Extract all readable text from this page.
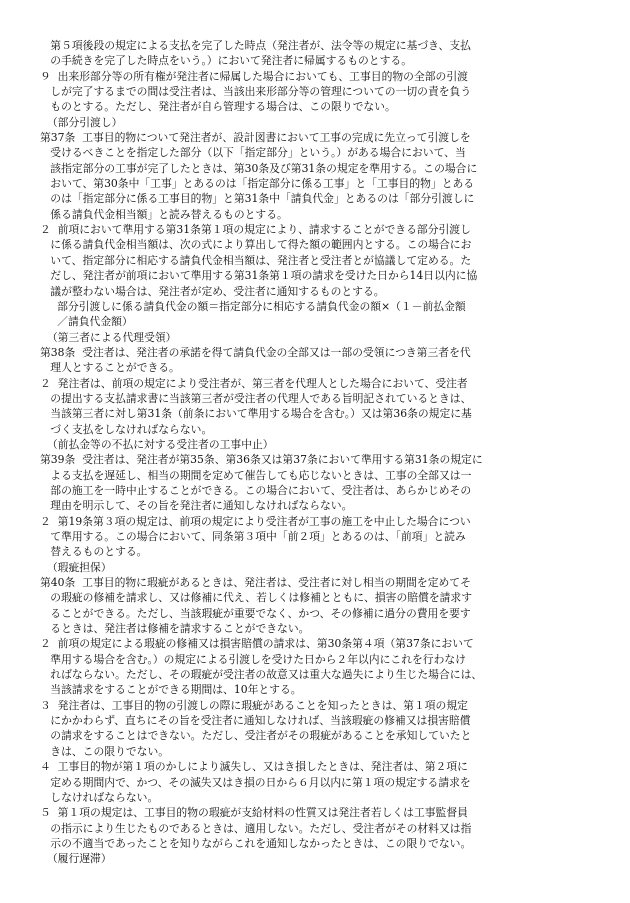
第５項後段の規定による支払を完了した時点（発注者が、法令等の規定に基づき、支払
の手続きを完了した時点をいう。）において発注者に帰属するものとする。
９  出来形部分等の所有権が発注者に帰属した場合においても、工事目的物の全部の引渡
しが完了するまでの間は受注者は、当該出来形部分等の管理についての一切の責を負う
ものとする。ただし、発注者が自ら管理する場合は、この限りでない。
（部分引渡し）
第37条  工事目的物について発注者が、設計図書において工事の完成に先立って引渡しを
受けるべきことを指定した部分（以下「指定部分」という。）がある場合において、当
該指定部分の工事が完了したときは、第30条及び第31条の規定を準用する。この場合に
おいて、第30条中「工事」とあるのは「指定部分に係る工事」と「工事目的物」とある
のは「指定部分に係る工事目的物」と第31条中「請負代金」とあるのは「部分引渡しに
係る請負代金相当額」と読み替えるものとする。
２  前項において準用する第31条第１項の規定により、請求することができる部分引渡し
に係る請負代金相当額は、次の式により算出して得た額の範囲内とする。この場合にお
いて、指定部分に相応する請負代金相当額は、発注者と受注者とが協議して定める。た
だし、発注者が前項において準用する第31条第１項の請求を受けた日から14日以内に協
議が整わない場合は、発注者が定め、受注者に通知するものとする。
部分引渡しに係る請負代金の額＝指定部分に相応する請負代金の額×（１－前払金額
／請負代金額）
（第三者による代理受領）
第38条  受注者は、発注者の承諾を得て請負代金の全部又は一部の受領につき第三者を代
理人とすることができる。
２  発注者は、前項の規定により受注者が、第三者を代理人とした場合において、受注者
の提出する支払請求書に当該第三者が受注者の代理人である旨明記されているときは、
当該第三者に対し第31条（前条において準用する場合を含む。）又は第36条の規定に基
づく支払をしなければならない。
（前払金等の不払に対する受注者の工事中止）
第39条  受注者は、発注者が第35条、第36条又は第37条において準用する第31条の規定に
よる支払を遅延し、相当の期間を定めて催告しても応じないときは、工事の全部又は一
部の施工を一時中止することができる。この場合において、受注者は、あらかじめその
理由を明示して、その旨を発注者に通知しなければならない。
２  第19条第３項の規定は、前項の規定により受注者が工事の施工を中止した場合につい
て準用する。この場合において、同条第３項中「前２項」とあるのは、「前項」と読み
替えるものとする。
（瑕疵担保）
第40条  工事目的物に瑕疵があるときは、発注者は、受注者に対し相当の期間を定めてそ
の瑕疵の修補を請求し、又は修補に代え、若しくは修補とともに、損害の賠償を請求す
ることができる。ただし、当該瑕疵が重要でなく、かつ、その修補に過分の費用を要す
るときは、発注者は修補を請求することができない。
２  前項の規定による瑕疵の修補又は損害賠償の請求は、第30条第４項（第37条において
準用する場合を含む。）の規定による引渡しを受けた日から２年以内にこれを行わなけ
ればならない。ただし、その瑕疵が受注者の故意又は重大な過失により生じた場合には、
当該請求をすることができる期間は、10年とする。
３  発注者は、工事目的物の引渡しの際に瑕疵があることを知ったときは、第１項の規定
にかかわらず、直ちにその旨を受注者に通知しなければ、当該瑕疵の修補又は損害賠償
の請求をすることはできない。ただし、受注者がその瑕疵があることを承知していたと
きは、この限りでない。
４  工事目的物が第１項のかしにより滅失し、又はき損したときは、発注者は、第２項に
定める期間内で、かつ、その滅失又はき損の日から６月以内に第１項の規定する請求を
しなければならない。
５  第１項の規定は、工事目的物の瑕疵が支給材料の性質又は発注者若しくは工事監督員
の指示により生じたものであるときは、適用しない。ただし、受注者がその材料又は指
示の不適当であったことを知りながらこれを通知しなかったときは、この限りでない。
（履行遅滞）
